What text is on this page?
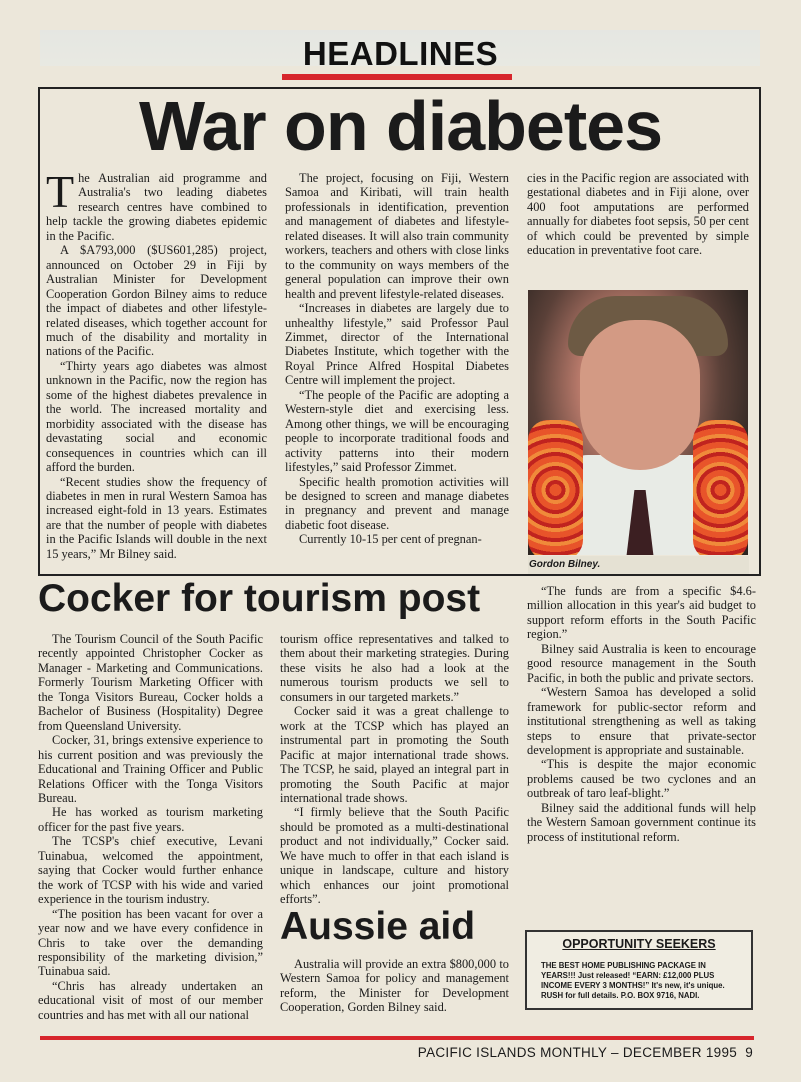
HEADLINES
War on diabetes

The Australian aid programme and Australia's two leading diabetes research centres have combined to help tackle the growing diabetes epidemic in the Pacific.

A $A793,000 ($US601,285) project, announced on October 29 in Fiji by Australian Minister for Development Cooperation Gordon Bilney aims to reduce the impact of diabetes and other lifestyle-related diseases, which together account for much of the disability and mortality in nations of the Pacific.

“Thirty years ago diabetes was almost unknown in the Pacific, now the region has some of the highest diabetes prevalence in the world. The increased mortality and morbidity associated with the disease has devastating social and economic consequences in countries which can ill afford the burden.

“Recent studies show the frequency of diabetes in men in rural Western Samoa has increased eight-fold in 13 years. Estimates are that the number of people with diabetes in the Pacific Islands will double in the next 15 years,” Mr Bilney said.

The project, focusing on Fiji, Western Samoa and Kiribati, will train health professionals in identification, prevention and management of diabetes and lifestyle-related diseases. It will also train community workers, teachers and others with close links to the community on ways members of the general population can improve their own health and prevent lifestyle-related diseases.

“Increases in diabetes are largely due to unhealthy lifestyle,” said Professor Paul Zimmet, director of the International Diabetes Institute, which together with the Royal Prince Alfred Hospital Diabetes Centre will implement the project.

“The people of the Pacific are adopting a Western-style diet and exercising less. Among other things, we will be encouraging people to incorporate traditional foods and activity patterns into their modern lifestyles,” said Professor Zimmet.

Specific health promotion activities will be designed to screen and manage diabetes in pregnancy and prevent and manage diabetic foot disease.

Currently 10-15 per cent of pregnan-

cies in the Pacific region are associated with gestational diabetes and in Fiji alone, over 400 foot amputations are performed annually for diabetes foot sepsis, 50 per cent of which could be prevented by simple education in preventative foot care.

Gordon Bilney.
Cocker for tourism post

The Tourism Council of the South Pacific recently appointed Christopher Cocker as Manager - Marketing and Communications. Formerly Tourism Marketing Officer with the Tonga Visitors Bureau, Cocker holds a Bachelor of Business (Hospitality) Degree from Queensland University.

Cocker, 31, brings extensive experience to his current position and was previously the Educational and Training Officer and Public Relations Officer with the Tonga Visitors Bureau.

He has worked as tourism marketing officer for the past five years.

The TCSP's chief executive, Levani Tuinabua, welcomed the appointment, saying that Cocker would further enhance the work of TCSP with his wide and varied experience in the tourism industry.

“The position has been vacant for over a year now and we have every confidence in Chris to take over the demanding responsibility of the marketing division,” Tuinabua said.

“Chris has already undertaken an educational visit of most of our member countries and has met with all our national

tourism office representatives and talked to them about their marketing strategies. During these visits he also had a look at the numerous tourism products we sell to consumers in our targeted markets.”

Cocker said it was a great challenge to work at the TCSP which has played an instrumental part in promoting the South Pacific at major international trade shows. The TCSP, he said, played an integral part in promoting the South Pacific at major international trade shows.

“I firmly believe that the South Pacific should be promoted as a multi-destinational product and not individually,” Cocker said. We have much to offer in that each island is unique in landscape, culture and history which enhances our joint promotional efforts”.

Aussie aid

Australia will provide an extra $800,000 to Western Samoa for policy and management reform, the Minister for Development Cooperation, Gorden Bilney said.

“The funds are from a specific $4.6-million allocation in this year's aid budget to support reform efforts in the South Pacific region.”

Bilney said Australia is keen to encourage good resource management in the South Pacific, in both the public and private sectors.

“Western Samoa has developed a solid framework for public-sector reform and institutional strengthening as well as taking steps to ensure that private-sector development is appropriate and sustainable.

“This is despite the major economic problems caused be two cyclones and an outbreak of taro leaf-blight.”

Bilney said the additional funds will help the Western Samoan government continue its process of institutional reform.

OPPORTUNITY SEEKERS
THE BEST HOME PUBLISHING PACKAGE IN YEARS!!! Just released! “EARN: £12,000 PLUS INCOME EVERY 3 MONTHS!” It's new, it's unique. RUSH for full details. P.O. BOX 9716, NADI.
PACIFIC ISLANDS MONTHLY – DECEMBER 1995 9
